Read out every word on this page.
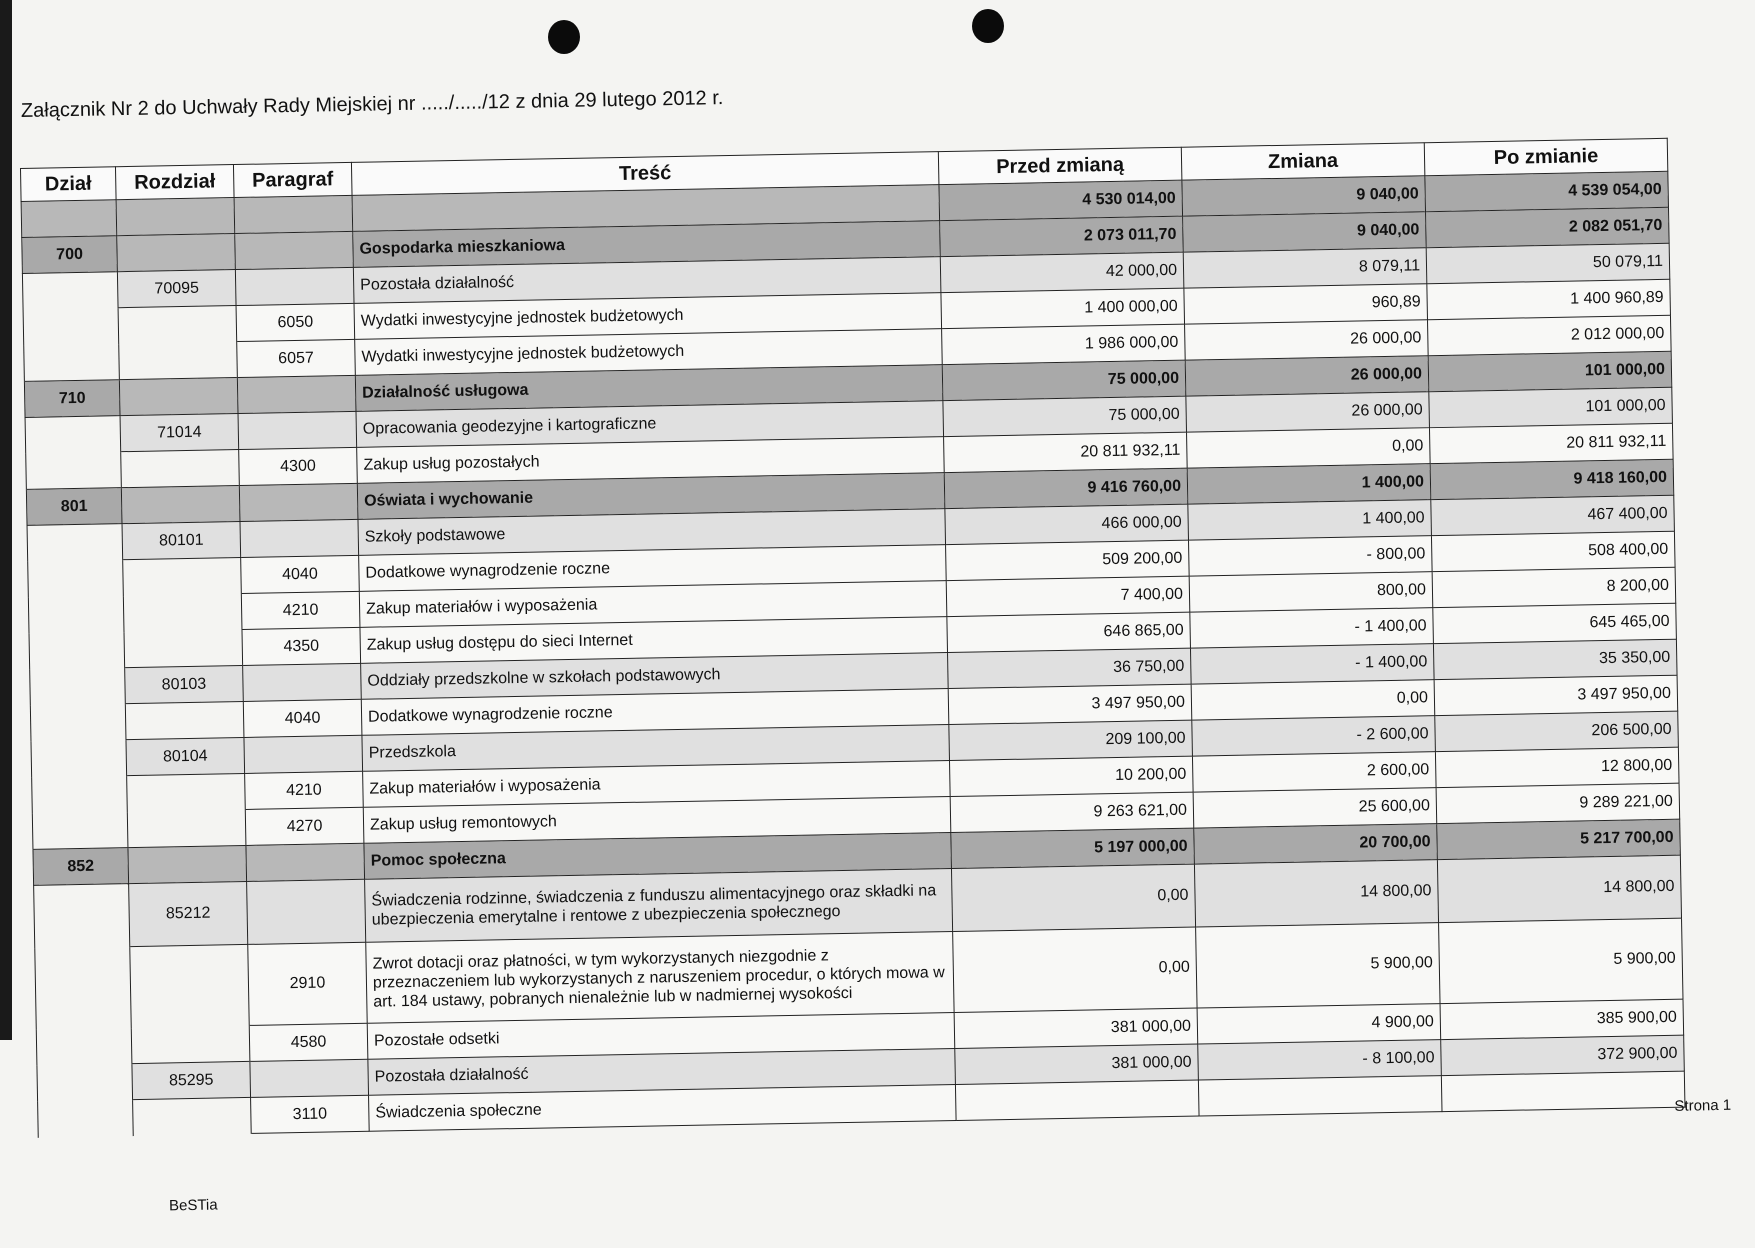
Załącznik Nr 2 do Uchwały Rady Miejskiej nr ...../...../12 z dnia 29 lutego 2012 r.
Dział	Rozdział	Paragraf	Treść	Przed zmianą	Zmiana	Po zmianie
				4 530 014,00	9 040,00	4 539 054,00
700			Gospodarka mieszkaniowa	2 073 011,70	9 040,00	2 082 051,70
	70095		Pozostała działalność	42 000,00	8 079,11	50 079,11
		6050	Wydatki inwestycyjne jednostek budżetowych	1 400 000,00	960,89	1 400 960,89
		6057	Wydatki inwestycyjne jednostek budżetowych	1 986 000,00	26 000,00	2 012 000,00
710			Działalność usługowa	75 000,00	26 000,00	101 000,00
	71014		Opracowania geodezyjne i kartograficzne	75 000,00	26 000,00	101 000,00
		4300	Zakup usług pozostałych	20 811 932,11	0,00	20 811 932,11
801			Oświata i wychowanie	9 416 760,00	1 400,00	9 418 160,00
	80101		Szkoły podstawowe	466 000,00	1 400,00	467 400,00
		4040	Dodatkowe wynagrodzenie roczne	509 200,00	- 800,00	508 400,00
		4210	Zakup materiałów i wyposażenia	7 400,00	800,00	8 200,00
		4350	Zakup usług dostępu do sieci Internet	646 865,00	- 1 400,00	645 465,00
	80103		Oddziały przedszkolne w szkołach podstawowych	36 750,00	- 1 400,00	35 350,00
		4040	Dodatkowe wynagrodzenie roczne	3 497 950,00	0,00	3 497 950,00
	80104		Przedszkola	209 100,00	- 2 600,00	206 500,00
		4210	Zakup materiałów i wyposażenia	10 200,00	2 600,00	12 800,00
		4270	Zakup usług remontowych	9 263 621,00	25 600,00	9 289 221,00
852			Pomoc społeczna	5 197 000,00	20 700,00	5 217 700,00
	85212		Świadczenia rodzinne, świadczenia z funduszu alimentacyjnego oraz składki na ubezpieczenia emerytalne i rentowe z ubezpieczenia społecznego	0,00	14 800,00	14 800,00
		2910	Zwrot dotacji oraz płatności, w tym wykorzystanych niezgodnie z przeznaczeniem lub wykorzystanych z naruszeniem procedur, o których mowa w art. 184 ustawy, pobranych nienależnie lub w nadmiernej wysokości	0,00	5 900,00	5 900,00
		4580	Pozostałe odsetki	381 000,00	4 900,00	385 900,00
	85295		Pozostała działalność	381 000,00	- 8 100,00	372 900,00
		3110	Świadczenia społeczne				Strona 1
BeSTia
